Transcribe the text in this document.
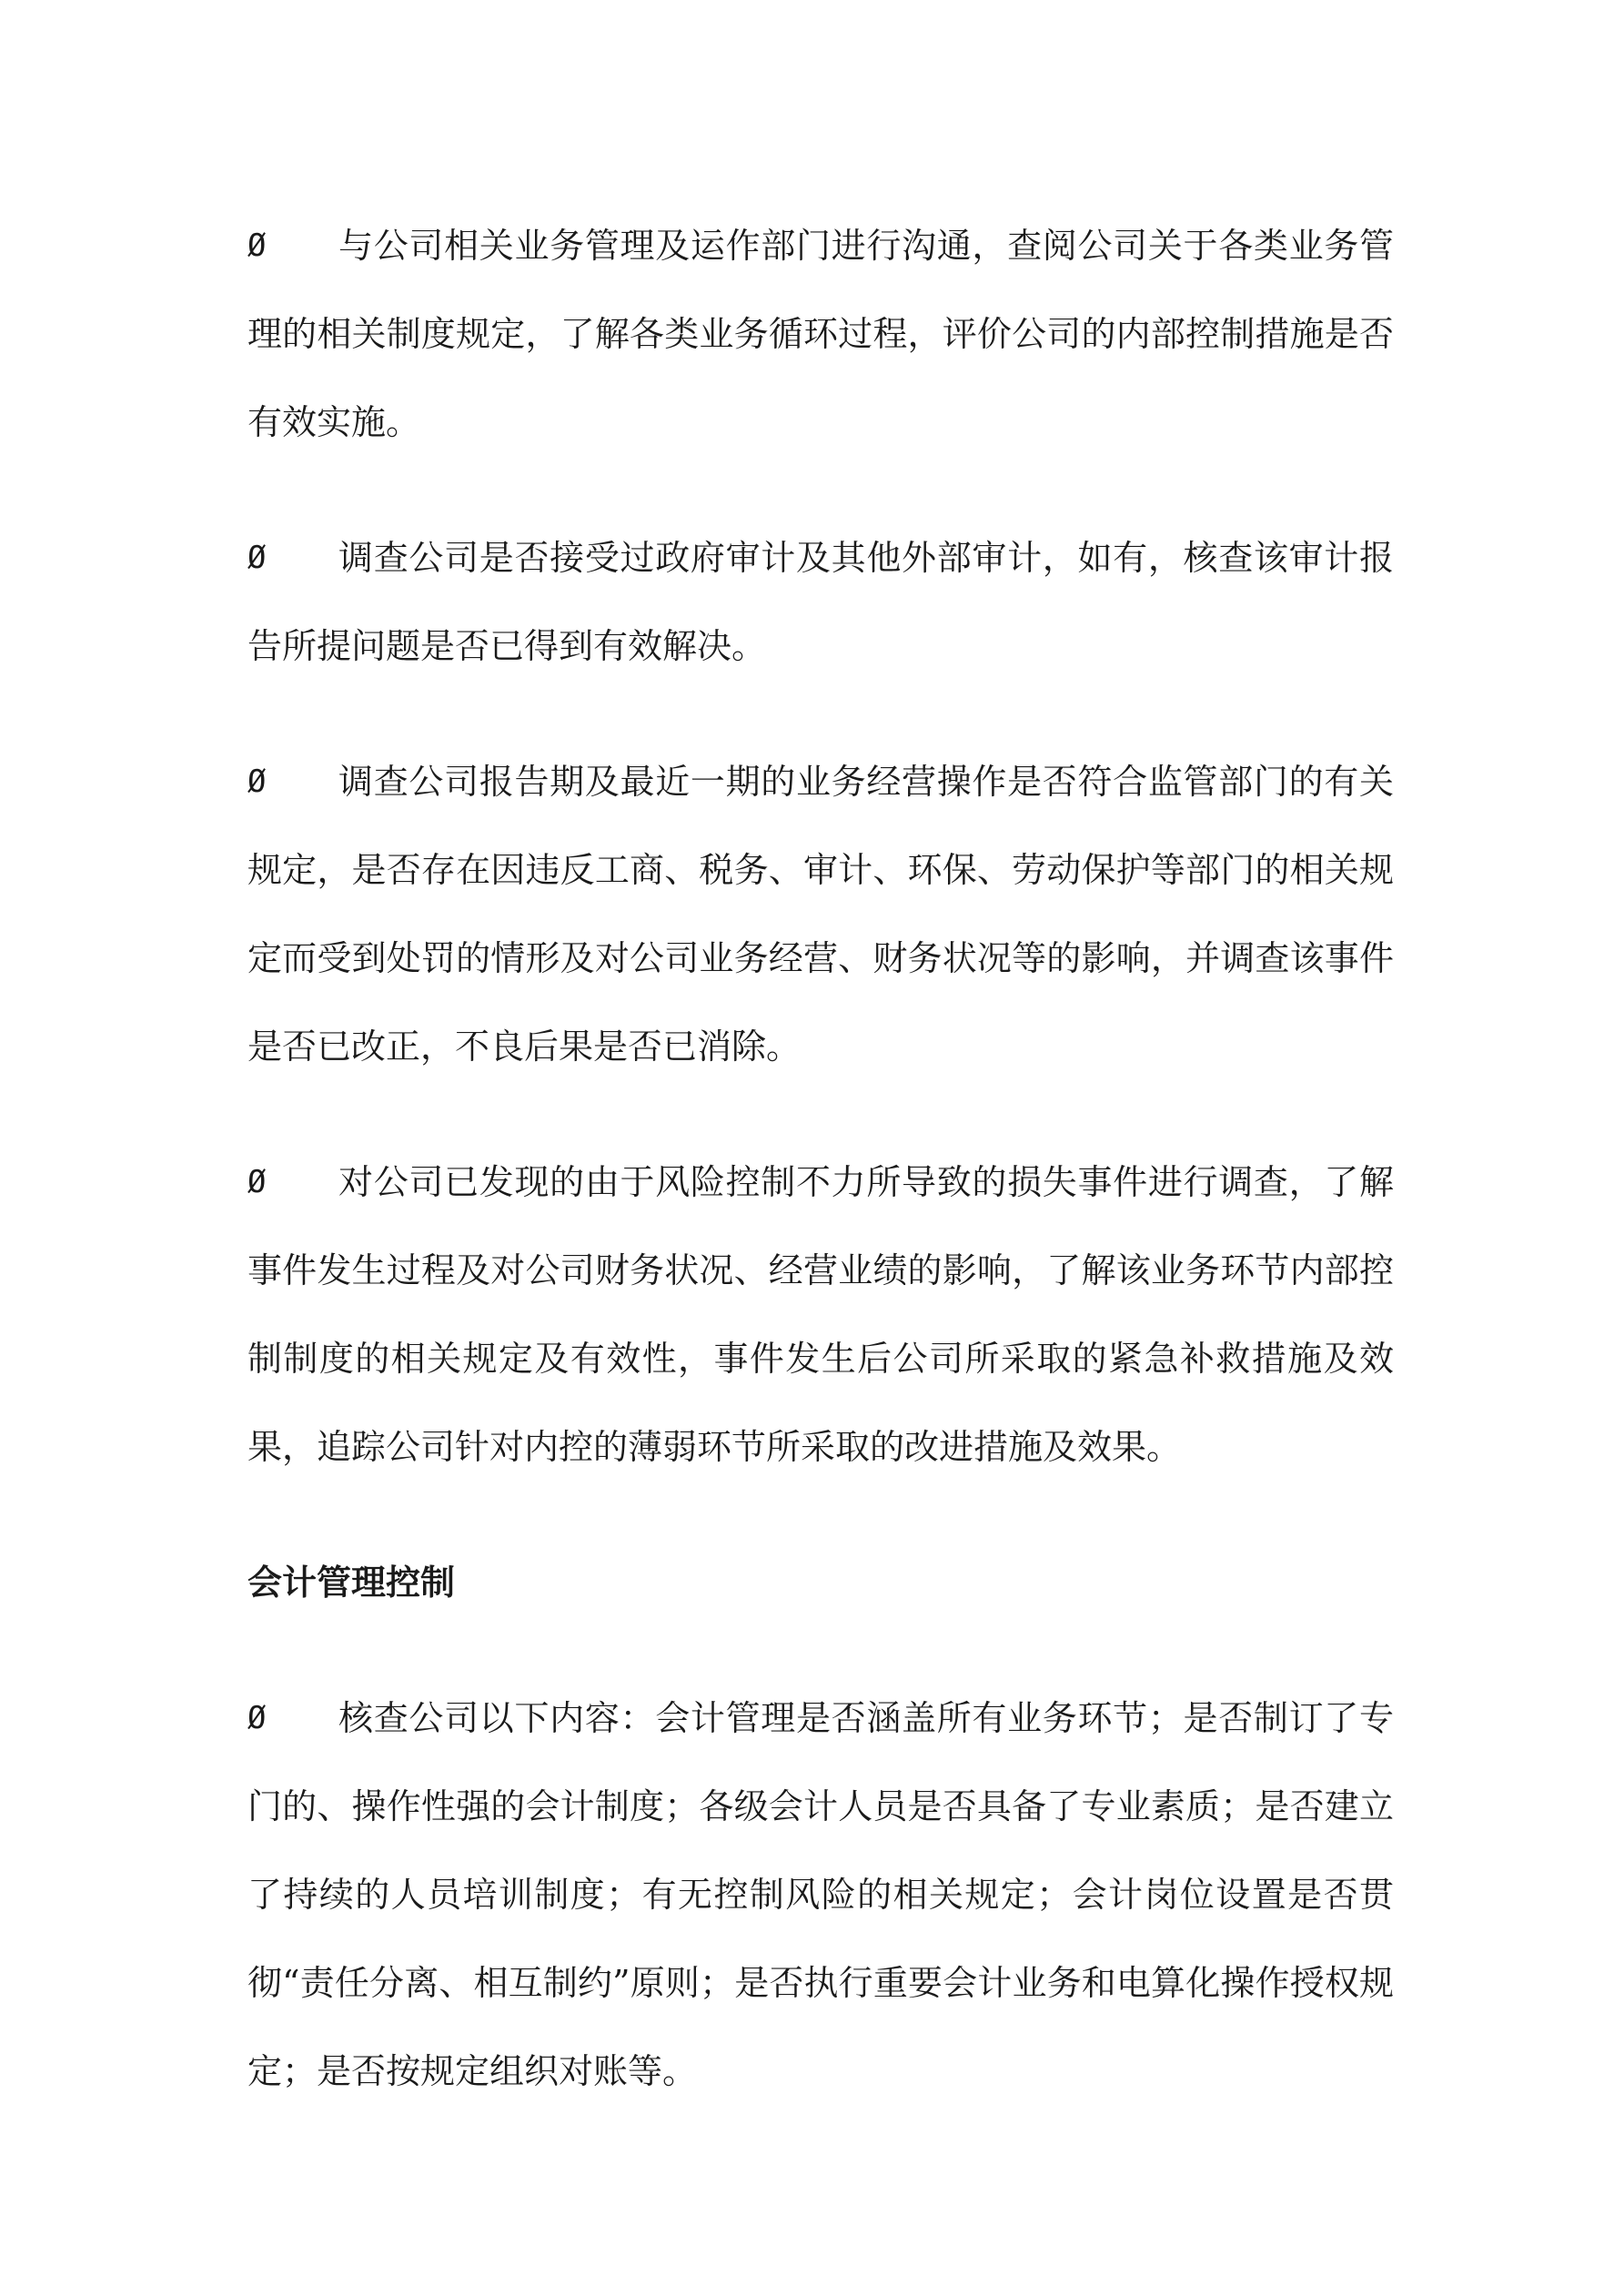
Ø	与公司相关业务管理及运作部门进行沟通，查阅公司关于各类业务管理的相关制度规定，了解各类业务循环过程，评价公司的内部控制措施是否有效实施。
Ø	调查公司是否接受过政府审计及其他外部审计，如有，核查该审计报告所提问题是否已得到有效解决。
Ø	调查公司报告期及最近一期的业务经营操作是否符合监管部门的有关规定，是否存在因违反工商、税务、审计、环保、劳动保护等部门的相关规定而受到处罚的情形及对公司业务经营、财务状况等的影响，并调查该事件是否已改正，不良后果是否已消除。
Ø	对公司已发现的由于风险控制不力所导致的损失事件进行调查，了解事件发生过程及对公司财务状况、经营业绩的影响，了解该业务环节内部控制制度的相关规定及有效性，事件发生后公司所采取的紧急补救措施及效果，追踪公司针对内控的薄弱环节所采取的改进措施及效果。
会计管理控制
Ø	核查公司以下内容：会计管理是否涵盖所有业务环节；是否制订了专门的、操作性强的会计制度；各级会计人员是否具备了专业素质；是否建立了持续的人员培训制度；有无控制风险的相关规定；会计岗位设置是否贯彻“责任分离、相互制约”原则；是否执行重要会计业务和电算化操作授权规定；是否按规定组织对账等。
